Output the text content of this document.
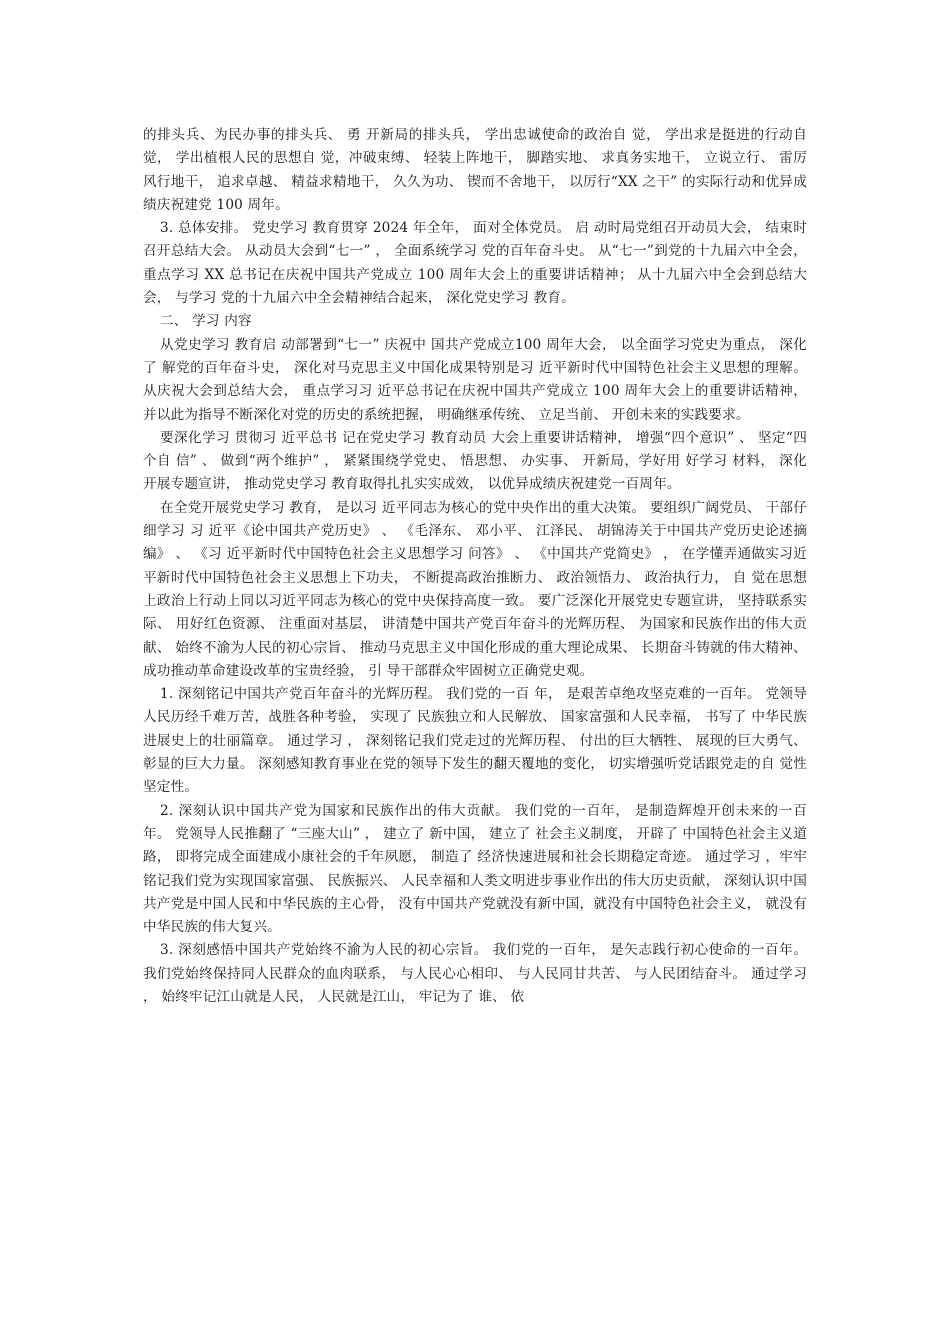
的排头兵、为民办事的排头兵、 勇 开新局的排头兵， 学出忠诚使命的政治自 觉， 学出求是挺进的行动自 觉， 学出植根人民的思想自 觉，冲破束缚、 轻装上阵地干， 脚踏实地、 求真务实地干， 立说立行、 雷厉风行地干， 追求卓越、 精益求精地干， 久久为功、 锲而不舍地干， 以厉行“XX 之干” 的实际行动和优异成绩庆祝建党 100 周年。

3. 总体安排。 党史学习 教育贯穿 2024 年全年， 面对全体党员。 启 动时局党组召开动员大会， 结束时召开总结大会。 从动员大会到“七一” ， 全面系统学习 党的百年奋斗史。 从“七一”到党的十九届六中全会， 重点学习 XX 总书记在庆祝中国共产党成立 100 周年大会上的重要讲话精神； 从十九届六中全会到总结大会， 与学习 党的十九届六中全会精神结合起来， 深化党史学习 教育。

二、 学习 内容

从党史学习 教育启 动部署到“七一” 庆祝中 国共产党成立100 周年大会， 以全面学习党史为重点， 深化了 解党的百年奋斗史， 深化对马克思主义中国化成果特别是习 近平新时代中国特色社会主义思想的理解。 从庆祝大会到总结大会， 重点学习习 近平总书记在庆祝中国共产党成立 100 周年大会上的重要讲话精神， 并以此为指导不断深化对党的历史的系统把握， 明确继承传统、 立足当前、 开创未来的实践要求。

要深化学习 贯彻习 近平总书 记在党史学习 教育动员 大会上重要讲话精神， 增强“四个意识” 、 坚定“四个自 信” 、 做到“两个维护” ， 紧紧围绕学党史、 悟思想、 办实事、 开新局，学好用 好学习 材料， 深化开展专题宣讲， 推动党史学习 教育取得扎扎实实成效， 以优异成绩庆祝建党一百周年。

在全党开展党史学习 教育， 是以习 近平同志为核心的党中央作出的重大决策。 要组织广阔党员、 干部仔细学习 习 近平《论中国共产党历史》 、 《毛泽东、 邓小平、 江泽民、 胡锦涛关于中国共产党历史论述摘编》 、 《习 近平新时代中国特色社会主义思想学习 问答》 、 《中国共产党简史》 ， 在学懂弄通做实习近平新时代中国特色社会主义思想上下功夫， 不断提高政治推断力、 政治领悟力、 政治执行力， 自 觉在思想上政治上行动上同以习近平同志为核心的党中央保持高度一致。 要广泛深化开展党史专题宣讲， 坚持联系实际、 用好红色资源、 注重面对基层， 讲清楚中国共产党百年奋斗的光辉历程、 为国家和民族作出的伟大贡献、 始终不渝为人民的初心宗旨、 推动马克思主义中国化形成的重大理论成果、 长期奋斗铸就的伟大精神、 成功推动革命建设改革的宝贵经验， 引 导干部群众牢固树立正确党史观。

1. 深刻铭记中国共产党百年奋斗的光辉历程。 我们党的一百 年， 是艰苦卓绝攻坚克难的一百年。 党领导人民历经千难万苦，战胜各种考验， 实现了 民族独立和人民解放、 国家富强和人民幸福， 书写了 中华民族进展史上的壮丽篇章。 通过学习 ， 深刻铭记我们党走过的光辉历程、 付出的巨大牺牲、 展现的巨大勇气、 彰显的巨大力量。 深刻感知教育事业在党的领导下发生的翻天覆地的变化， 切实增强听党话跟党走的自 觉性坚定性。

2. 深刻认识中国共产党为国家和民族作出的伟大贡献。 我们党的一百年， 是制造辉煌开创未来的一百年。 党领导人民推翻了 “三座大山” ， 建立了 新中国， 建立了 社会主义制度， 开辟了 中国特色社会主义道路， 即将完成全面建成小康社会的千年夙愿， 制造了 经济快速进展和社会长期稳定奇迹。 通过学习 ，牢牢铭记我们党为实现国家富强、 民族振兴、 人民幸福和人类文明进步事业作出的伟大历史贡献， 深刻认识中国共产党是中国人民和中华民族的主心骨， 没有中国共产党就没有新中国，就没有中国特色社会主义， 就没有中华民族的伟大复兴。

3. 深刻感悟中国共产党始终不渝为人民的初心宗旨。 我们党的一百年， 是矢志践行初心使命的一百年。 我们党始终保持同人民群众的血肉联系， 与人民心心相印、 与人民同甘共苦、 与人民团结奋斗。 通过学习 ， 始终牢记江山就是人民， 人民就是江山， 牢记为了 谁、 依
